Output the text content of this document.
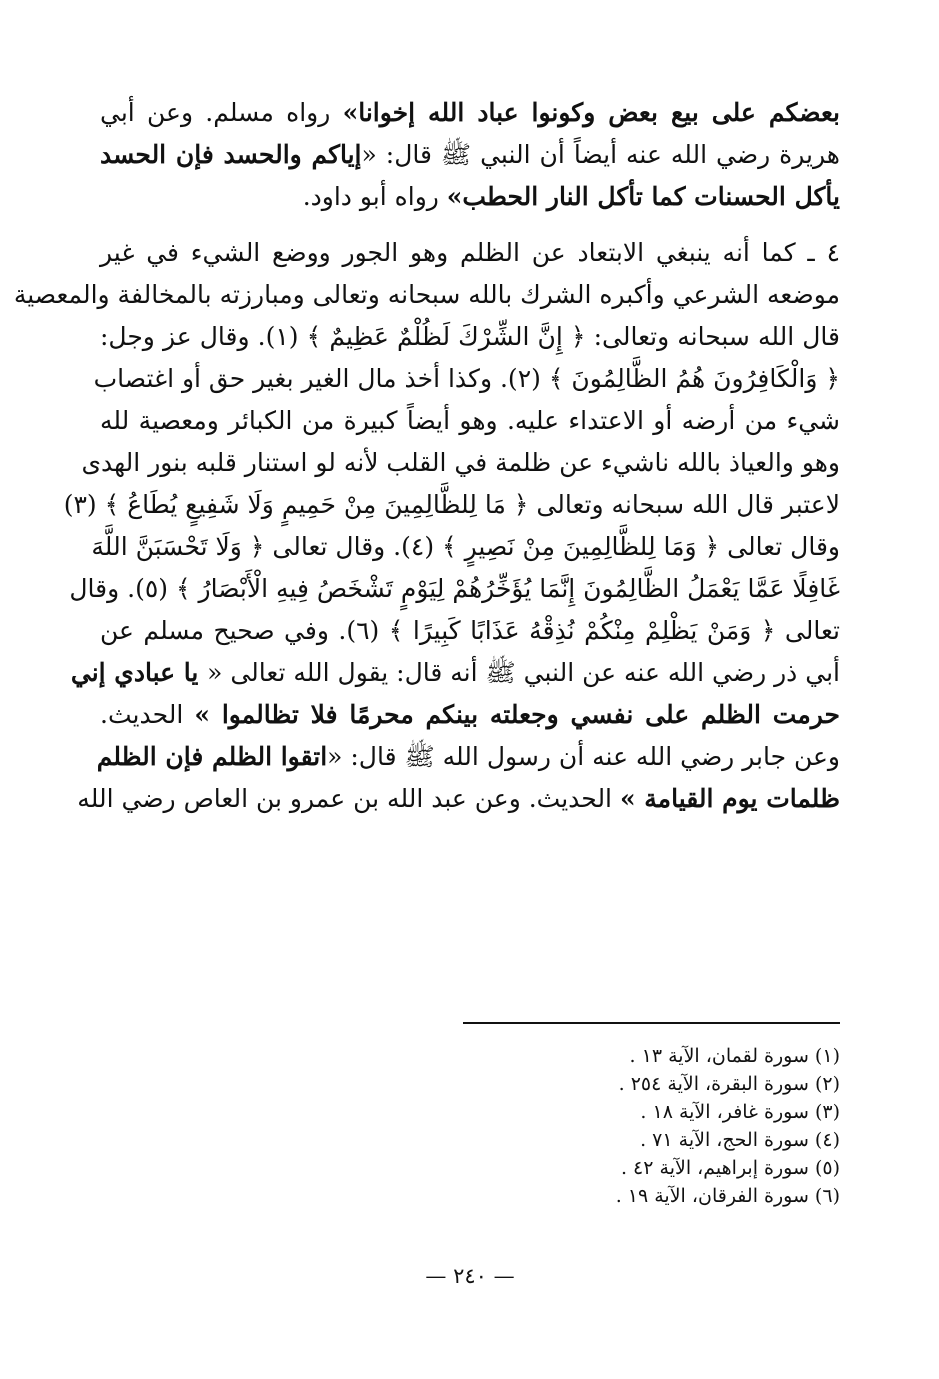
بعضكم على بيع بعض وكونوا عباد الله إخوانا» رواه مسلم. وعن أبي
هريرة رضي الله عنه أيضاً أن النبي ﷺ قال: «إياكم والحسد فإن الحسد
يأكل الحسنات كما تأكل النار الحطب» رواه أبو داود.
٤ ـ كما أنه ينبغي الابتعاد عن الظلم وهو الجور ووضع الشيء في غير
موضعه الشرعي وأكبره الشرك بالله سبحانه وتعالى ومبارزته بالمخالفة والمعصية
قال الله سبحانه وتعالى: ﴿ إِنَّ الشِّرْكَ لَظُلْمٌ عَظِيمٌ ﴾ (١). وقال عز وجل:
﴿ وَالْكَافِرُونَ هُمُ الظَّالِمُونَ ﴾ (٢). وكذا أخذ مال الغير بغير حق أو اغتصاب
شيء من أرضه أو الاعتداء عليه. وهو أيضاً كبيرة من الكبائر ومعصية لله
وهو والعياذ بالله ناشيء عن ظلمة في القلب لأنه لو استنار قلبه بنور الهدى
لاعتبر قال الله سبحانه وتعالى ﴿ مَا لِلظَّالِمِينَ مِنْ حَمِيمٍ وَلَا شَفِيعٍ يُطَاعُ ﴾ (٣)
وقال تعالى ﴿ وَمَا لِلظَّالِمِينَ مِنْ نَصِيرٍ ﴾ (٤). وقال تعالى ﴿ وَلَا تَحْسَبَنَّ اللَّهَ
غَافِلًا عَمَّا يَعْمَلُ الظَّالِمُونَ إِنَّمَا يُؤَخِّرُهُمْ لِيَوْمٍ تَشْخَصُ فِيهِ الْأَبْصَارُ ﴾ (٥). وقال
تعالى ﴿ وَمَنْ يَظْلِمْ مِنْكُمْ نُذِقْهُ عَذَابًا كَبِيرًا ﴾ (٦). وفي صحيح مسلم عن
أبي ذر رضي الله عنه عن النبي ﷺ أنه قال: يقول الله تعالى « يا عبادي إني
حرمت الظلم على نفسي وجعلته بينكم محرمًا فلا تظالموا » الحديث.
وعن جابر رضي الله عنه أن رسول الله ﷺ قال: «اتقوا الظلم فإن الظلم
ظلمات يوم القيامة » الحديث. وعن عبد الله بن عمرو بن العاص رضي الله
(١) سورة لقمان، الآية ١٣ .
(٢) سورة البقرة، الآية ٢٥٤ .
(٣) سورة غافر، الآية ١٨ .
(٤) سورة الحج، الآية ٧١ .
(٥) سورة إبراهيم، الآية ٤٢ .
(٦) سورة الفرقان، الآية ١٩ .
— ٢٤٠ —
